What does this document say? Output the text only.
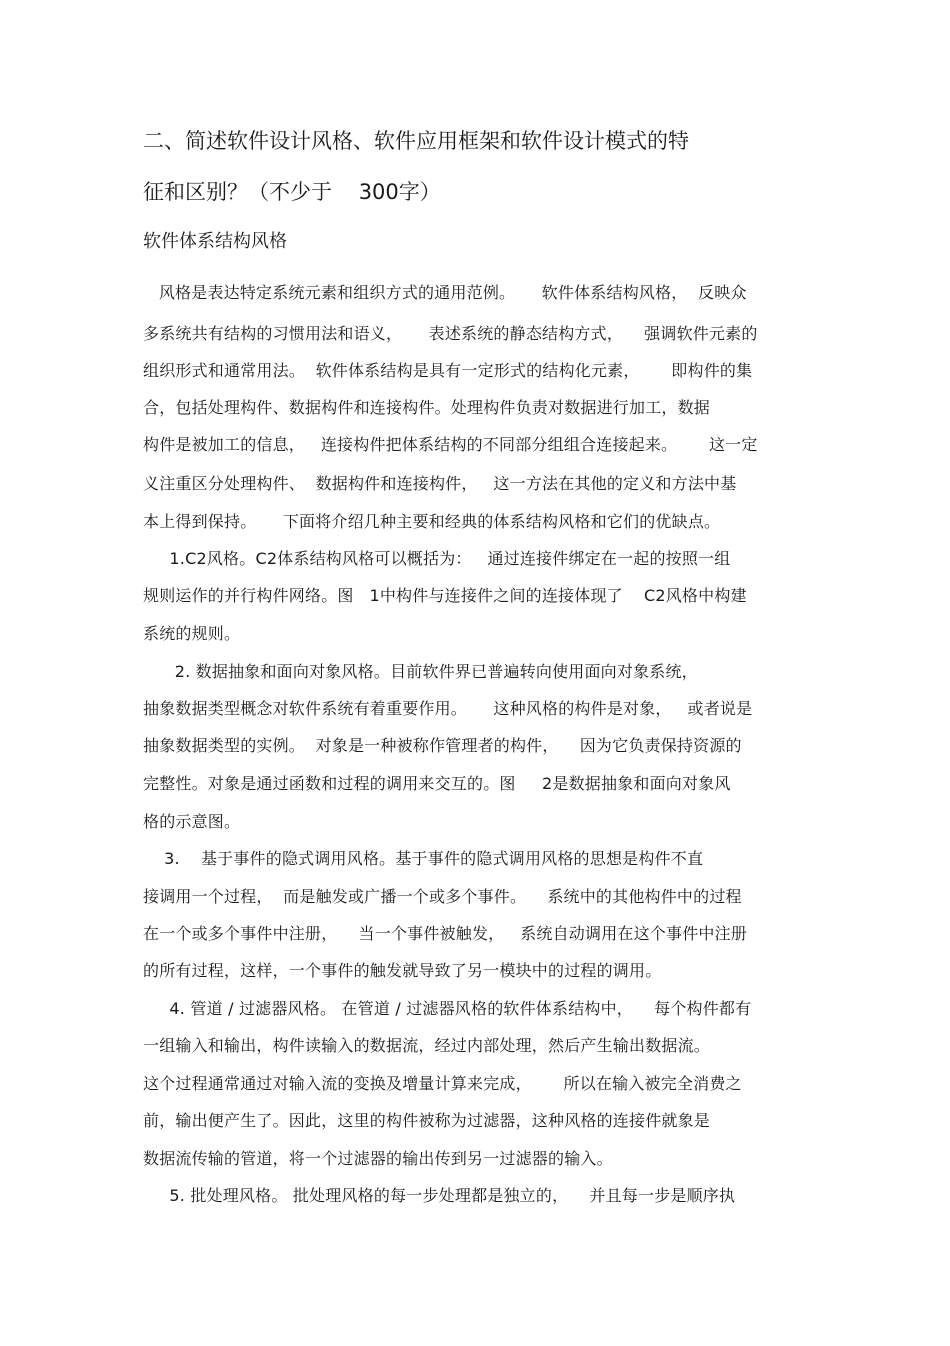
二、简述软件设计风格、软件应用框架和软件设计模式的特
征和区别？（不少于    300字）
软件体系结构风格
风格是表达特定系统元素和组织方式的通用范例。     软件体系结构风格，  反映众
多系统共有结构的习惯用法和语义，     表述系统的静态结构方式，    强调软件元素的
组织形式和通常用法。  软件体系结构是具有一定形式的结构化元素，      即构件的集
合，包括处理构件、数据构件和连接构件。处理构件负责对数据进行加工，数据
构件是被加工的信息，   连接构件把体系结构的不同部分组组合连接起来。      这一定
义注重区分处理构件、  数据构件和连接构件，   这一方法在其他的定义和方法中基
本上得到保持。     下面将介绍几种主要和经典的体系结构风格和它们的优缺点。
1.C2风格。C2体系结构风格可以概括为：   通过连接件绑定在一起的按照一组
规则运作的并行构件网络。图   1中构件与连接件之间的连接体现了    C2风格中构建
系统的规则。
2. 数据抽象和面向对象风格。目前软件界已普遍转向使用面向对象系统，
抽象数据类型概念对软件系统有着重要作用。     这种风格的构件是对象，   或者说是
抽象数据类型的实例。  对象是一种被称作管理者的构件，    因为它负责保持资源的
完整性。对象是通过函数和过程的调用来交互的。图     2是数据抽象和面向对象风
格的示意图。
3.    基于事件的隐式调用风格。基于事件的隐式调用风格的思想是构件不直
接调用一个过程，  而是触发或广播一个或多个事件。    系统中的其他构件中的过程
在一个或多个事件中注册，    当一个事件被触发，   系统自动调用在这个事件中注册
的所有过程，这样，一个事件的触发就导致了另一模块中的过程的调用。
4. 管道 / 过滤器风格。 在管道 / 过滤器风格的软件体系结构中，    每个构件都有
一组输入和输出，构件读输入的数据流，经过内部处理，然后产生输出数据流。
这个过程通常通过对输入流的变换及增量计算来完成，      所以在输入被完全消费之
前，输出便产生了。因此，这里的构件被称为过滤器，这种风格的连接件就象是
数据流传输的管道，将一个过滤器的输出传到另一过滤器的输入。
5. 批处理风格。 批处理风格的每一步处理都是独立的，    并且每一步是顺序执
